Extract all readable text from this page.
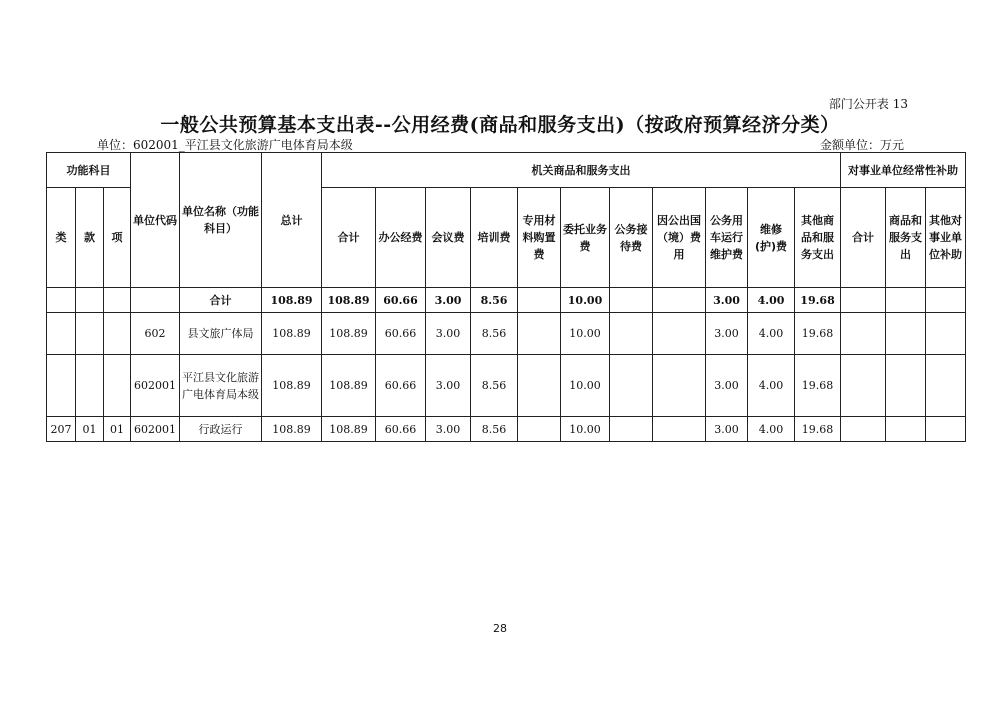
部门公开表 13
一般公共预算基本支出表--公用经费(商品和服务支出)（按政府预算经济分类）
单位：602001_平江县文化旅游广电体育局本级	金额单位：万元
功能科目			单位代码	单位名称（功能科目）	总计	机关商品和服务支出											对事业单位经常性补助		
类	款	项				合计	办公经费	会议费	培训费	专用材料购置费	委托业务费	公务接待费	因公出国（境）费用	公务用车运行维护费	维修(护)费	其他商品和服务支出	合计	商品和服务支出	其他对事业单位补助
				合计	108.89	108.89	60.66	3.00	8.56		10.00			3.00	4.00	19.68			
			602	县文旅广体局	108.89	108.89	60.66	3.00	8.56		10.00			3.00	4.00	19.68			
			602001	平江县文化旅游广电体育局本级	108.89	108.89	60.66	3.00	8.56		10.00			3.00	4.00	19.68			
207	01	01	602001	行政运行	108.89	108.89	60.66	3.00	8.56		10.00			3.00	4.00	19.68			
28
